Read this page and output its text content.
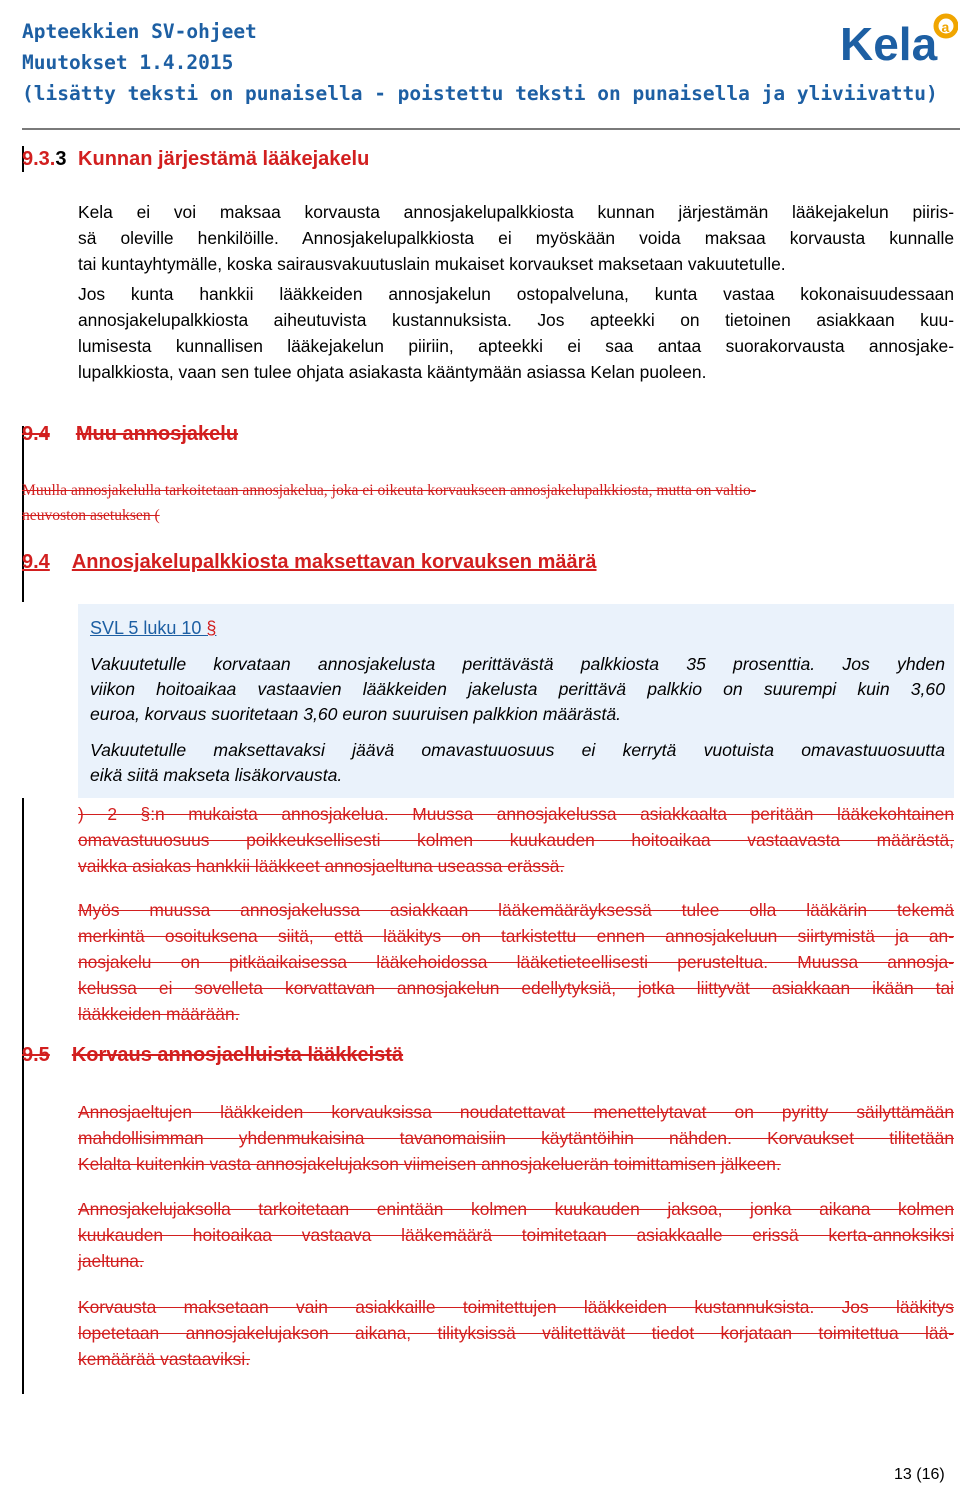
Apteekkien SV-ohjeet
Muutokset 1.4.2015
(lisätty teksti on punaisella - poistettu teksti on punaisella ja yliviivattu)
Kela a
9.3.3 Kunnan järjestämä lääkejakelu
Kela ei voi maksaa korvausta annosjakelupalkkiosta kunnan järjestämän lääkejakelun piiris-
sä oleville henkilöille. Annosjakelupalkkiosta ei myöskään voida maksaa korvausta kunnalle
tai kuntayhtymälle, koska sairausvakuutuslain mukaiset korvaukset maksetaan vakuutetulle.
Jos kunta hankkii lääkkeiden annosjakelun ostopalveluna, kunta vastaa kokonaisuudessaan
annosjakelupalkkiosta aiheutuvista kustannuksista. Jos apteekki on tietoinen asiakkaan kuu-
lumisesta kunnallisen lääkejakelun piiriin, apteekki ei saa antaa suorakorvausta annosjake-
lupalkkiosta, vaan sen tulee ohjata asiakasta kääntymään asiassa Kelan puoleen.
9.4 Muu annosjakelu
Muulla annosjakelulla tarkoitetaan annosjakelua, joka ei oikeuta korvaukseen annosjakelupalkkiosta, mutta on valtio-
neuvoston asetuksen (
9.4 Annosjakelupalkkiosta maksettavan korvauksen määrä
SVL 5 luku 10 §
Vakuutetulle korvataan annosjakelusta perittävästä palkkiosta 35 prosenttia. Jos yhden
viikon hoitoaikaa vastaavien lääkkeiden jakelusta perittävä palkkio on suurempi kuin 3,60
euroa, korvaus suoritetaan 3,60 euron suuruisen palkkion määrästä.
Vakuutetulle maksettavaksi jäävä omavastuuosuus ei kerrytä vuotuista omavastuuosuutta
eikä siitä makseta lisäkorvausta.
) 2 §:n mukaista annosjakelua. Muussa annosjakelussa asiakkaalta peritään lääkekohtainen
omavastuuosuus poikkeuksellisesti kolmen kuukauden hoitoaikaa vastaavasta määrästä,
vaikka asiakas hankkii lääkkeet annosjaeltuna useassa erässä.
Myös muussa annosjakelussa asiakkaan lääkemääräyksessä tulee olla lääkärin tekemä
merkintä osoituksena siitä, että lääkitys on tarkistettu ennen annosjakeluun siirtymistä ja an-
nosjakelu on pitkäaikaisessa lääkehoidossa lääketieteellisesti perusteltua. Muussa annosja-
kelussa ei sovelleta korvattavan annosjakelun edellytyksiä, jotka liittyvät asiakkaan ikään tai
lääkkeiden määrään.
9.5 Korvaus annosjaelluista lääkkeistä
Annosjaeltujen lääkkeiden korvauksissa noudatettavat menettelytavat on pyritty säilyttämään
mahdollisimman yhdenmukaisina tavanomaisiin käytäntöihin nähden. Korvaukset tilitetään
Kelalta kuitenkin vasta annosjakelujakson viimeisen annosjakeluerän toimittamisen jälkeen.
Annosjakelujaksolla tarkoitetaan enintään kolmen kuukauden jaksoa, jonka aikana kolmen
kuukauden hoitoaikaa vastaava lääkemäärä toimitetaan asiakkaalle erissä kerta-annoksiksi
jaeltuna.
Korvausta maksetaan vain asiakkaille toimitettujen lääkkeiden kustannuksista. Jos lääkitys
lopetetaan annosjakelujakson aikana, tilityksissä välitettävät tiedot korjataan toimitettua lää-
kemäärää vastaaviksi.
13 (16)
